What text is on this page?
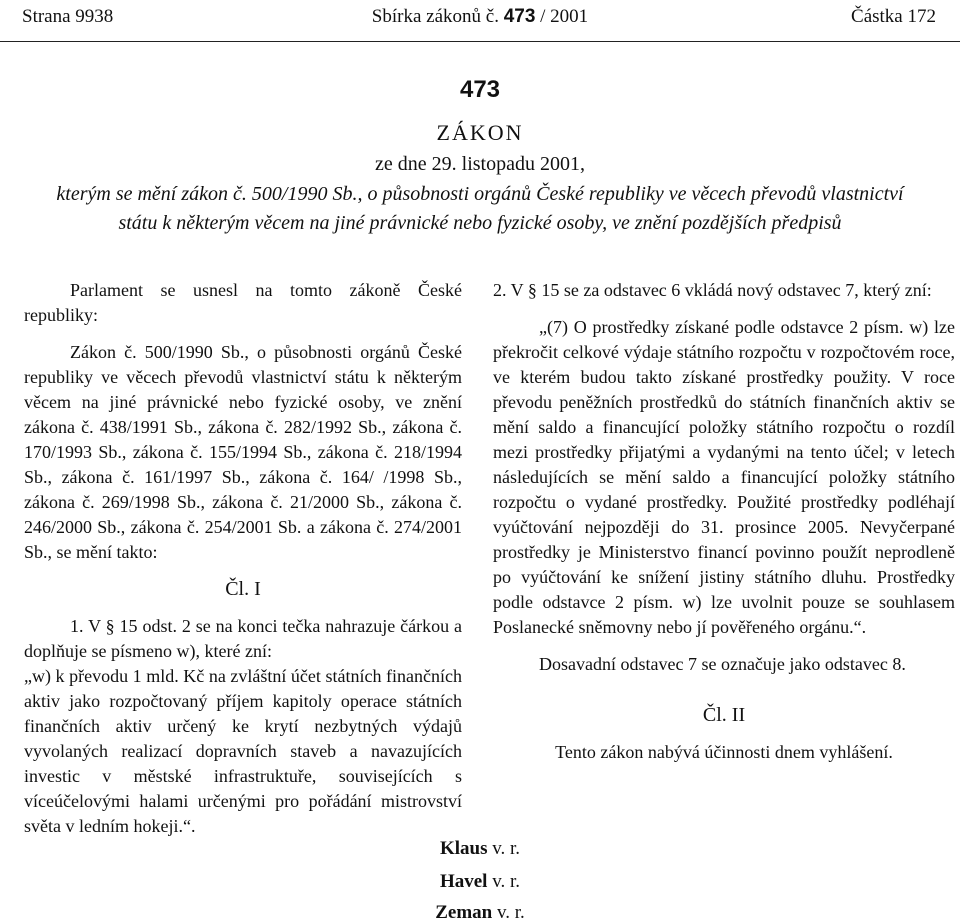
Strana 9938	Sbírka zákonů č. 473 / 2001	Částka 172
473
ZÁKON
ze dne 29. listopadu 2001,
kterým se mění zákon č. 500/1990 Sb., o působnosti orgánů České republiky ve věcech převodů vlastnictví
státu k některým věcem na jiné právnické nebo fyzické osoby, ve znění pozdějších předpisů

Parlament se usnesl na tomto zákoně České republiky:

Zákon č. 500/1990 Sb., o působnosti orgánů České republiky ve věcech převodů vlastnictví státu k některým věcem na jiné právnické nebo fyzické osoby, ve znění zákona č. 438/1991 Sb., zákona č. 282/1992 Sb., zákona č. 170/1993 Sb., zákona č. 155/1994 Sb., zákona č. 218/1994 Sb., zákona č. 161/1997 Sb., zákona č. 164/ /1998 Sb., zákona č. 269/1998 Sb., zákona č. 21/2000 Sb., zákona č. 246/2000 Sb., zákona č. 254/2001 Sb. a zákona č. 274/2001 Sb., se mění takto:

Čl. I

1. V § 15 odst. 2 se na konci tečka nahrazuje čárkou a doplňuje se písmeno w), které zní:

„w) k převodu 1 mld. Kč na zvláštní účet státních finančních aktiv jako rozpočtovaný příjem kapitoly operace státních finančních aktiv určený ke krytí nezbytných výdajů vyvolaných realizací dopravních staveb a navazujících investic v městské infrastruktuře, souvisejících s víceúčelovými halami určenými pro pořádání mistrovství světa v ledním hokeji.“.

2. V § 15 se za odstavec 6 vkládá nový odstavec 7, který zní:

„(7) O prostředky získané podle odstavce 2 písm. w) lze překročit celkové výdaje státního rozpočtu v rozpočtovém roce, ve kterém budou takto získané prostředky použity. V roce převodu peněžních prostředků do státních finančních aktiv se mění saldo a financující položky státního rozpočtu o rozdíl mezi prostředky přijatými a vydanými na tento účel; v letech následujících se mění saldo a financující položky státního rozpočtu o vydané prostředky. Použité prostředky podléhají vyúčtování nejpozději do 31. prosince 2005. Nevyčerpané prostředky je Ministerstvo financí povinno použít neprodleně po vyúčtování ke snížení jistiny státního dluhu. Prostředky podle odstavce 2 písm. w) lze uvolnit pouze se souhlasem Poslanecké sněmovny nebo jí pověřeného orgánu.“.

Dosavadní odstavec 7 se označuje jako odstavec 8.

Čl. II

Tento zákon nabývá účinnosti dnem vyhlášení.

Klaus v. r.
Havel v. r.
Zeman v. r.
